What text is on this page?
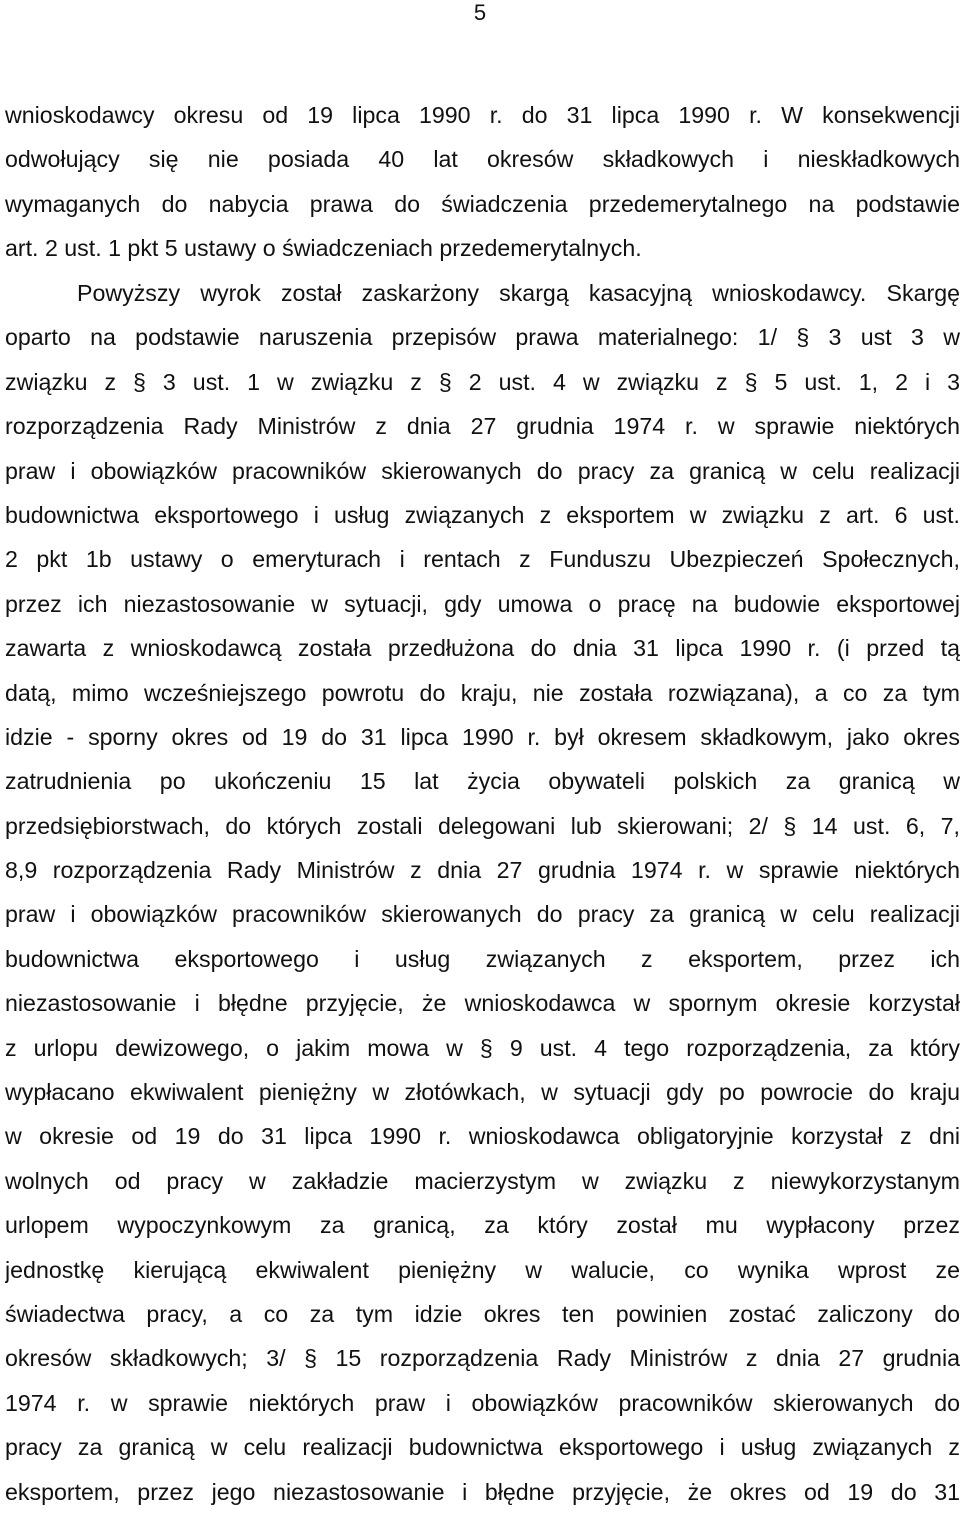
5
wnioskodawcy okresu od 19 lipca 1990 r. do 31 lipca 1990 r. W konsekwencji
odwołujący się nie posiada 40 lat okresów składkowych i nieskładkowych
wymaganych do nabycia prawa do świadczenia przedemerytalnego na podstawie
art. 2 ust. 1 pkt 5 ustawy o świadczeniach przedemerytalnych.
Powyższy wyrok został zaskarżony skargą kasacyjną wnioskodawcy. Skargę
oparto na podstawie naruszenia przepisów prawa materialnego: 1/ § 3 ust 3 w
związku z § 3 ust. 1 w związku z § 2 ust. 4 w związku z § 5 ust. 1, 2 i 3
rozporządzenia Rady Ministrów z dnia 27 grudnia 1974 r. w sprawie niektórych
praw i obowiązków pracowników skierowanych do pracy za granicą w celu realizacji
budownictwa eksportowego i usług związanych z eksportem w związku z art. 6 ust.
2 pkt 1b ustawy o emeryturach i rentach z Funduszu Ubezpieczeń Społecznych,
przez ich niezastosowanie w sytuacji, gdy umowa o pracę na budowie eksportowej
zawarta z wnioskodawcą została przedłużona do dnia 31 lipca 1990 r. (i przed tą
datą, mimo wcześniejszego powrotu do kraju, nie została rozwiązana), a co za tym
idzie - sporny okres od 19 do 31 lipca 1990 r. był okresem składkowym, jako okres
zatrudnienia po ukończeniu 15 lat życia obywateli polskich za granicą w
przedsiębiorstwach, do których zostali delegowani lub skierowani; 2/ § 14 ust. 6, 7,
8,9 rozporządzenia Rady Ministrów z dnia 27 grudnia 1974 r. w sprawie niektórych
praw i obowiązków pracowników skierowanych do pracy za granicą w celu realizacji
budownictwa eksportowego i usług związanych z eksportem, przez ich
niezastosowanie i błędne przyjęcie, że wnioskodawca w spornym okresie korzystał
z urlopu dewizowego, o jakim mowa w § 9 ust. 4 tego rozporządzenia, za który
wypłacano ekwiwalent pieniężny w złotówkach, w sytuacji gdy po powrocie do kraju
w okresie od 19 do 31 lipca 1990 r. wnioskodawca obligatoryjnie korzystał z dni
wolnych od pracy w zakładzie macierzystym w związku z niewykorzystanym
urlopem wypoczynkowym za granicą, za który został mu wypłacony przez
jednostkę kierującą ekwiwalent pieniężny w walucie, co wynika wprost ze
świadectwa pracy, a co za tym idzie okres ten powinien zostać zaliczony do
okresów składkowych; 3/ § 15 rozporządzenia Rady Ministrów z dnia 27 grudnia
1974 r. w sprawie niektórych praw i obowiązków pracowników skierowanych do
pracy za granicą w celu realizacji budownictwa eksportowego i usług związanych z
eksportem, przez jego niezastosowanie i błędne przyjęcie, że okres od 19 do 31
